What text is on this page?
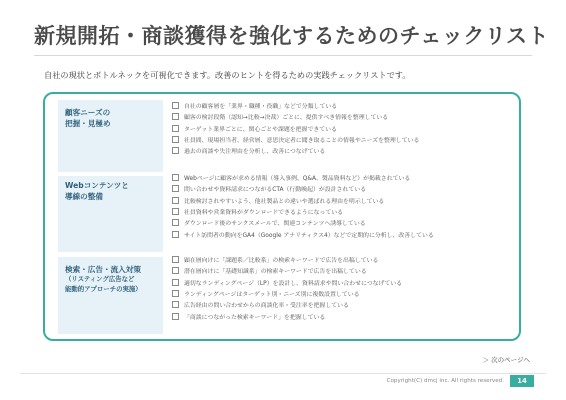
新規開拓・商談獲得を強化するためのチェックリスト
自社の現状とボトルネックを可視化できます。改善のヒントを得るための実践チェックリストです。
顧客ニーズの
把握・見極め
自社の顧客層を「業界・職種・役職」などで分類している
顧客の検討段階（認知→比較→決裁）ごとに、提供すべき情報を整理している
ターゲット業界ごとに、関心ごとや課題を把握できている
社員間、現場担当者、経営層、意思決定者に聞き取ることの情報やニーズを整理している
過去の商談や失注理由を分析し、改善につなげている
Webコンテンツと
導線の整備
Webページに顧客が求める情報（導入事例、Q&A、製品資料など）が掲載されている
問い合わせや資料請求につながるCTA（行動喚起）が設計されている
比較検討されやすいよう、他社製品との違いや選ばれる理由を明示している
社員資料や営業資料がダウンロードできるようになっている
ダウンロード後のサンクスメールで、関連コンテンツへ誘導している
サイト訪問者の動向をGA4（Google アナリティクス4）などで定期的に分析し、改善している
検索・広告・流入対策
（リスティング広告など
能動的アプローチの実施）
顕在層向けに「課題系／比較系」の検索キーワードで広告を出稿している
潜在層向けに「基礎知識系」の検索キーワードで広告を出稿している
適切なランディングページ（LP）を設計し、資料請求や問い合わせにつなげている
ランディングページはターゲット別・ニーズ別に複数設置している
広告経由の問い合わせからの商談化率・受注率を把握している
「商談につながった検索キーワード」を把握している
＞ 次のページへ
Copyright(C) dmcj inc. All rights reserved.	14
